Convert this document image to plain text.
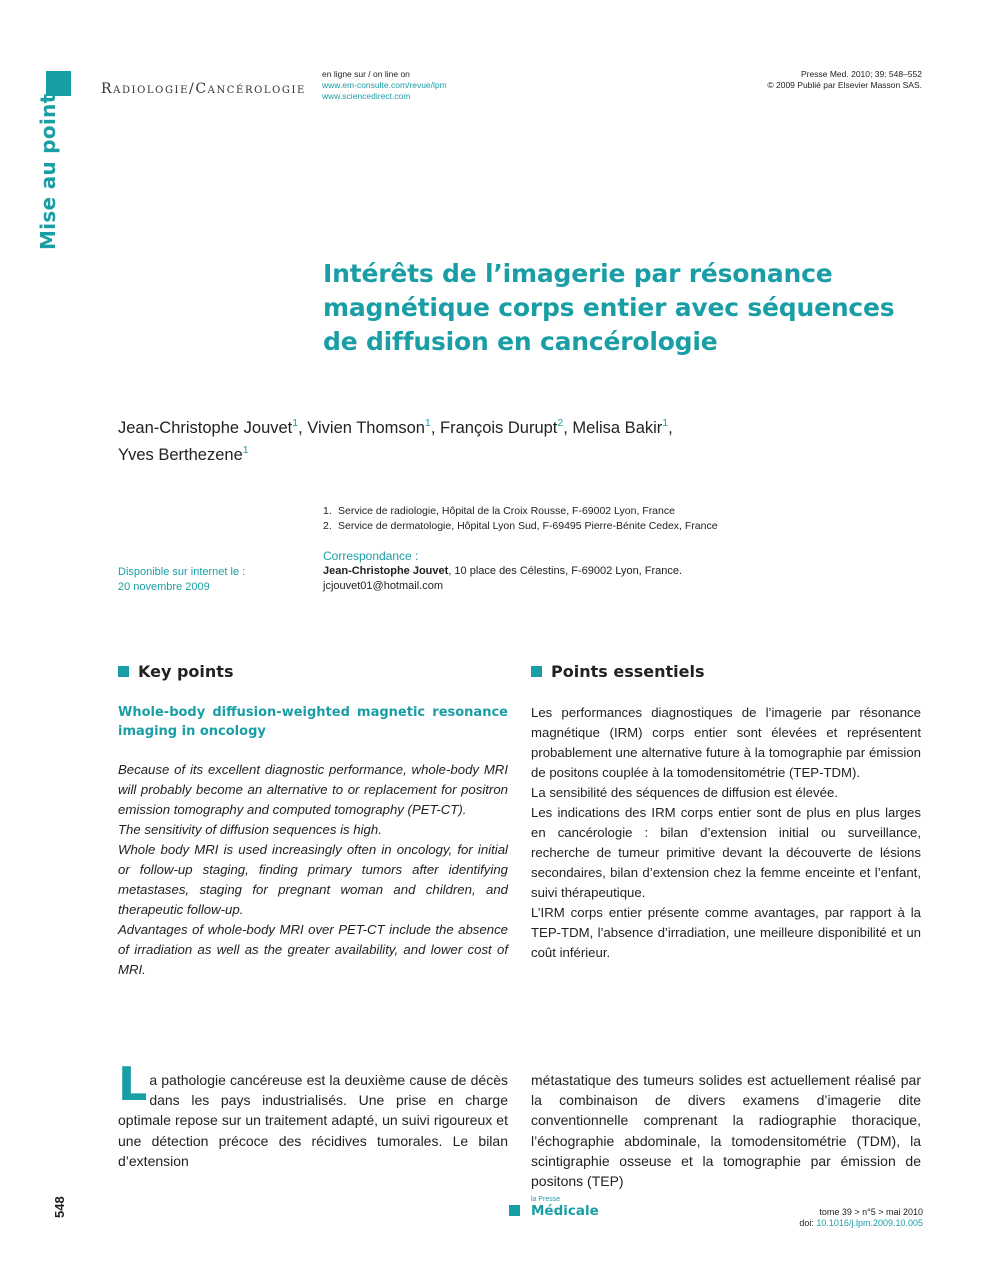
Mise au point
Radiologie/Cancérologie
en ligne sur / on line on
www.em-consulte.com/revue/lpm
www.sciencedirect.com
Presse Med. 2010; 39: 548–552
© 2009 Publié par Elsevier Masson SAS.
Intérêts de l’imagerie par résonance magnétique corps entier avec séquences de diffusion en cancérologie
Jean-Christophe Jouvet$^1$, Vivien Thomson$^1$, François Durupt$^2$, Melisa Bakir$^1$,
Yves Berthezene$^1$
1. Service de radiologie, Hôpital de la Croix Rousse, F-69002 Lyon, France
2. Service de dermatologie, Hôpital Lyon Sud, F-69495 Pierre-Bénite Cedex, France
Disponible sur internet le :
20 novembre 2009
Correspondance :
Jean-Christophe Jouvet, 10 place des Célestins, F-69002 Lyon, France.
jcjouvet01@hotmail.com
Key points	Points essentiels
Whole-body diffusion-weighted magnetic resonance imaging in oncology

Because of its excellent diagnostic performance, whole-body MRI will probably become an alternative to or replacement for positron emission tomography and computed tomography (PET-CT).

The sensitivity of diffusion sequences is high.

Whole body MRI is used increasingly often in oncology, for initial or follow-up staging, finding primary tumors after identifying metastases, staging for pregnant woman and children, and therapeutic follow-up.

Advantages of whole-body MRI over PET-CT include the absence of irradiation as well as the greater availability, and lower cost of MRI.

Les performances diagnostiques de l’imagerie par résonance magnétique (IRM) corps entier sont élevées et représentent probablement une alternative future à la tomographie par émission de positons couplée à la tomodensitométrie (TEP-TDM).

La sensibilité des séquences de diffusion est élevée.

Les indications des IRM corps entier sont de plus en plus larges en cancérologie : bilan d’extension initial ou surveillance, recherche de tumeur primitive devant la découverte de lésions secondaires, bilan d’extension chez la femme enceinte et l’enfant, suivi thérapeutique.

L’IRM corps entier présente comme avantages, par rapport à la TEP-TDM, l’absence d’irradiation, une meilleure disponibilité et un coût inférieur.

La pathologie cancéreuse est la deuxième cause de décès dans les pays industrialisés. Une prise en charge optimale repose sur un traitement adapté, un suivi rigoureux et une détection précoce des récidives tumorales. Le bilan d’extension
métastatique des tumeurs solides est actuellement réalisé par la combinaison de divers examens d’imagerie dite conventionnelle comprenant la radiographie thoracique, l’échographie abdominale, la tomodensitométrie (TDM), la scintigraphie osseuse et la tomographie par émission de positons (TEP)
548	la Presse
Médicale	tome 39 > n°5 > mai 2010
doi: 10.1016/j.lpm.2009.10.005
